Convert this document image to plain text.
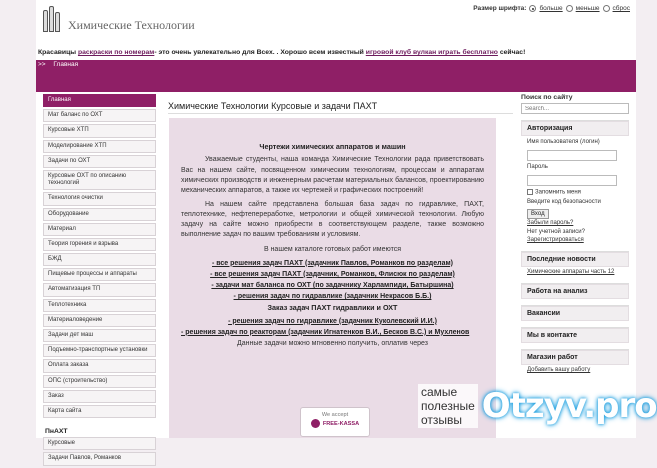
Химические Технологии
Размер шрифта: больше меньше сброс
Красавицы раскраски по номерам- это очень увлекательно для Всех. . Хорошо всем известный игровой клуб вулкан играть бесплатно сейчас!
>> Главная
Главная
Мат баланс по ОХТ
Курсовые ХТП
Моделирование ХТП
Задачи по ОХТ
Курсовые ОХТ по описанию технологий
Технология очистки
Оборудование
Материал
Теория горения и взрыва
БЖД
Пищевые процессы и аппараты
Автоматизация ТП
Теплотехника
Материаловедение
Задачи дет маш
Подъемно-транспортные установки
Оплата заказа
ОПС (строительство)
Заказ
Карта сайта
ПнАХТ
Курсовые
Задачи Павлов, Романков
Химические Технологии Курсовые и задачи ПАХТ
Чертежи химических аппаратов и машин

Уважаемые студенты, наша команда Химические Технологии рада приветствовать Вас на нашем сайте, посвященном химическим технологиям, процессам и аппаратам химических производств и инженерным расчетам материальных балансов, проектированию механических аппаратов, а также их чертежей и графических построений!

На нашем сайте представлена большая база задач по гидравлике, ПАХТ, теплотехнике, нефтепереработке, метрологии и общей химической технологии. Любую задачу на сайте можно приобрести в соответствующем разделе, также возможно выполнение задач по вашим требованиям и условиям.

В нашем каталоге готовых работ имеются

- все решения задач ПАХТ (задачник Павлов, Романков по разделам)
- все решения задач ПАХТ (задачник, Романков, Флисюк по разделам)
- задачи мат баланса по ОХТ (по задачнику Харлампиди, Батыршина)
- решения задач по гидравлике (задачник Некрасов Б.Б.)
Заказ задач ПАХТ гидравлики и ОХТ
- решения задач по гидравлике (задачник Куколевский И.И.)
- решения задач по реакторам (задачник Игнатенков В.И., Бесков В.С.) и Мухленов

Данные задачи можно мгновенно получить, оплатив через

We accept
FREE-KASSA
Поиск по сайту
Search...
Авторизация
Имя пользователя (логин)
Пароль
Запомнить меня
Введите код безопасности
Вход
Забыли пароль?
Нет учетной записи?
Зарегистрироваться
Последние новости
Химические аппараты часть 12
Работа на анализ
Вакансии
Мы в контакте
Магазин работ
Добавить вашу работу
самые полезные отзывы Otzyv.pro
